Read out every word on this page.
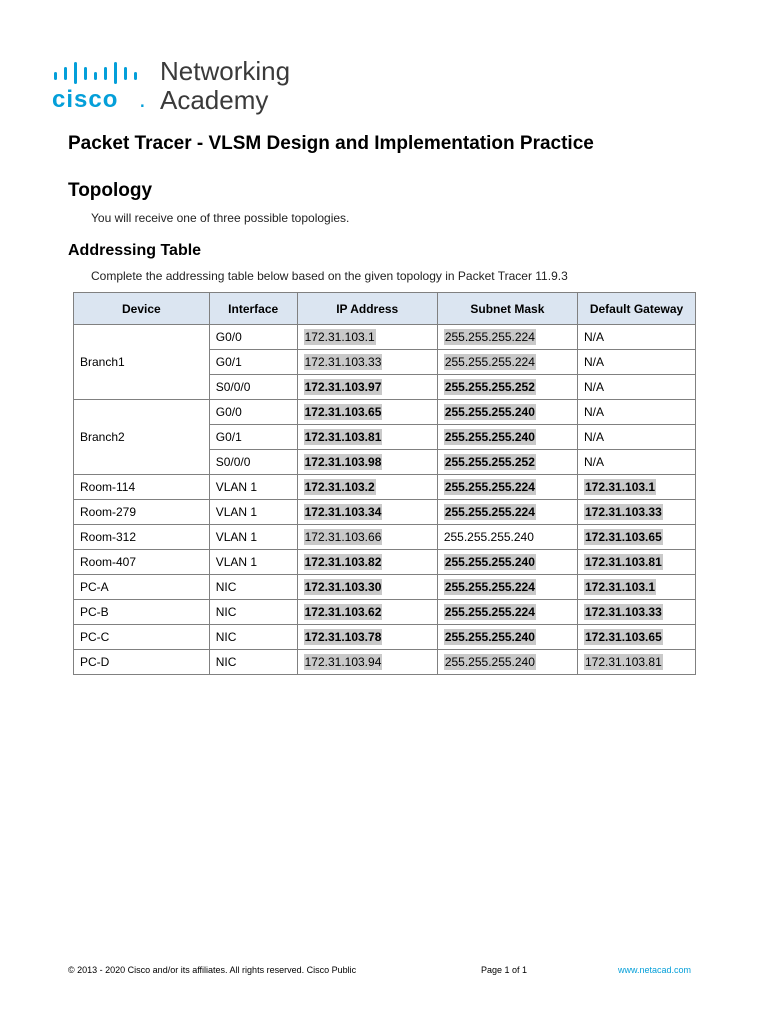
cisco .
Networking
Academy
Packet Tracer - VLSM Design and Implementation Practice
Topology
You will receive one of three possible topologies.
Addressing Table
Complete the addressing table below based on the given topology in Packet Tracer 11.9.3
Device	Interface	IP Address	Subnet Mask	Default Gateway
Branch1	G0/0	172.31.103.1	255.255.255.224	N/A
	G0/1	172.31.103.33	255.255.255.224	N/A
	S0/0/0	172.31.103.97	255.255.255.252	N/A
Branch2	G0/0	172.31.103.65	255.255.255.240	N/A
	G0/1	172.31.103.81	255.255.255.240	N/A
	S0/0/0	172.31.103.98	255.255.255.252	N/A
Room-114	VLAN 1	172.31.103.2	255.255.255.224	172.31.103.1
Room-279	VLAN 1	172.31.103.34	255.255.255.224	172.31.103.33
Room-312	VLAN 1	172.31.103.66	255.255.255.240	172.31.103.65
Room-407	VLAN 1	172.31.103.82	255.255.255.240	172.31.103.81
PC-A	NIC	172.31.103.30	255.255.255.224	172.31.103.1
PC-B	NIC	172.31.103.62	255.255.255.224	172.31.103.33
PC-C	NIC	172.31.103.78	255.255.255.240	172.31.103.65
PC-D	NIC	172.31.103.94	255.255.255.240	172.31.103.81
© 2013 - 2020 Cisco and/or its affiliates. All rights reserved. Cisco Public	Page 1 of 1	www.netacad.com
